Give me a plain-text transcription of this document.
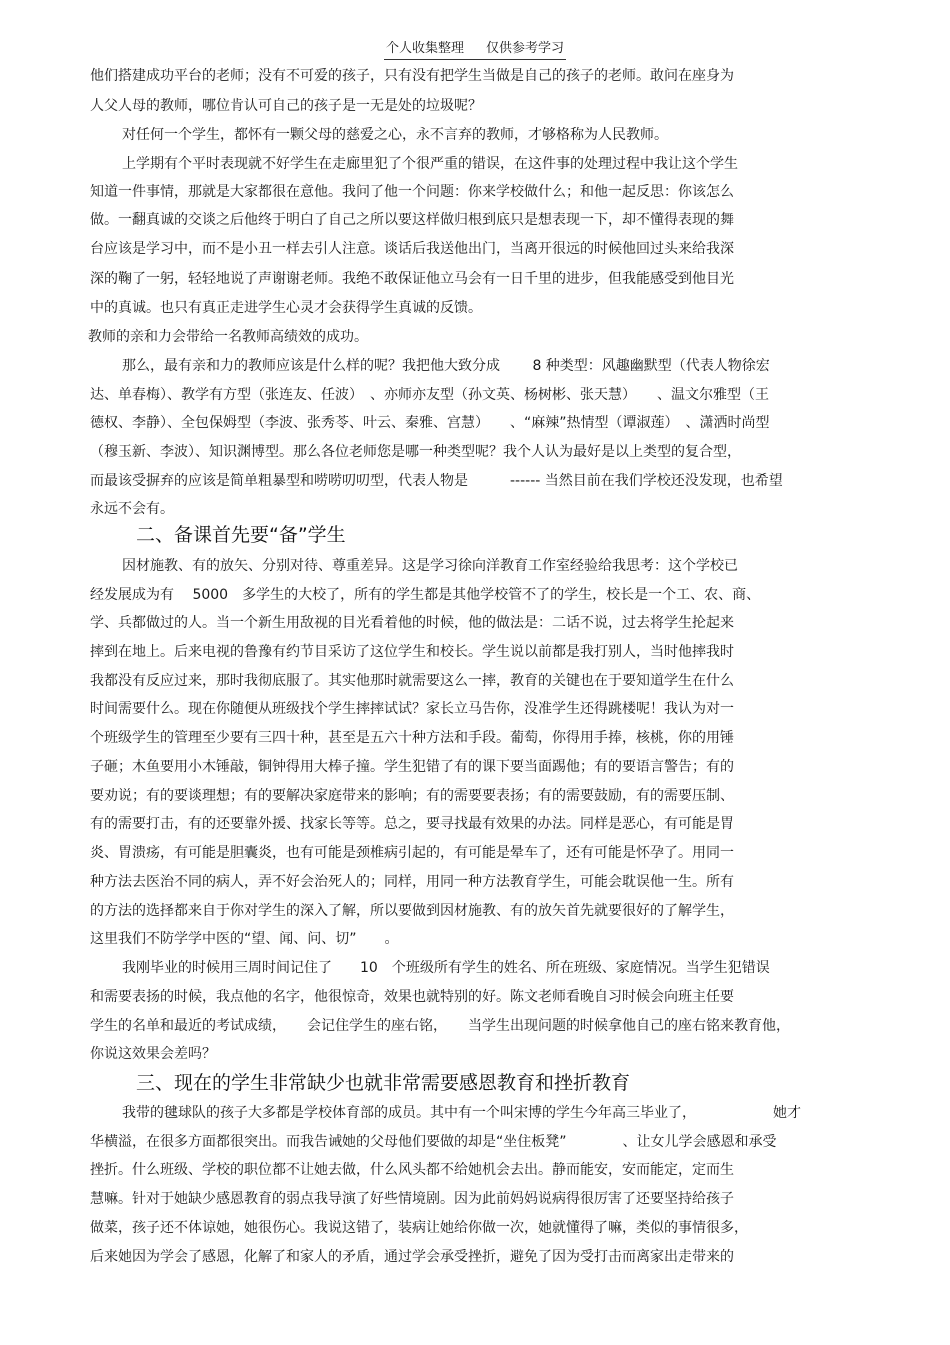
个人收集整理 仅供参考学习
他们搭建成功平台的老师；没有不可爱的孩子，只有没有把学生当做是自己的孩子的老师。敢问在座身为
人父人母的教师，哪位肯认可自己的孩子是一无是处的垃圾呢？
对任何一个学生，都怀有一颗父母的慈爱之心，永不言弃的教师，才够格称为人民教师。
上学期有个平时表现就不好学生在走廊里犯了个很严重的错误，在这件事的处理过程中我让这个学生
知道一件事情，那就是大家都很在意他。我问了他一个问题：你来学校做什么；和他一起反思：你该怎么
做。一翻真诚的交谈之后他终于明白了自己之所以要这样做归根到底只是想表现一下，却不懂得表现的舞
台应该是学习中，而不是小丑一样去引人注意。谈话后我送他出门，当离开很远的时候他回过头来给我深
深的鞠了一躬，轻轻地说了声谢谢老师。我绝不敢保证他立马会有一日千里的进步，但我能感受到他目光
中的真诚。也只有真正走进学生心灵才会获得学生真诚的反馈。
教师的亲和力会带给一名教师高绩效的成功。
那么，最有亲和力的教师应该是什么样的呢？我把他大致分成　　 8 种类型：风趣幽默型（代表人物徐宏
达、单春梅）、教学有方型（张连友、任波）　、亦师亦友型（孙文英、杨树彬、张天慧）　　、温文尔雅型（王
德权、李静）、全包保姆型（李波、张秀苓、叶云、秦雅、宫慧）　　、“麻辣”热情型（谭淑莲）　、潇洒时尚型
（穆玉新、李波）、知识渊博型。那么各位老师您是哪一种类型呢？我个人认为最好是以上类型的复合型，
而最该受摒弃的应该是简单粗暴型和唠唠叨叨型，代表人物是　　　------ 当然目前在我们学校还没发现，也希望
永远不会有。
二、备课首先要“备”学生
因材施教、有的放矢、分别对待、尊重差异。这是学习徐向洋教育工作室经验给我思考：这个学校已
经发展成为有　 5000　多学生的大校了，所有的学生都是其他学校管不了的学生，校长是一个工、农、商、
学、兵都做过的人。当一个新生用敌视的目光看着他的时候，他的做法是：二话不说，过去将学生抡起来
摔到在地上。后来电视的鲁豫有约节目采访了这位学生和校长。学生说以前都是我打别人，当时他摔我时
我都没有反应过来，那时我彻底服了。其实他那时就需要这么一摔，教育的关键也在于要知道学生在什么
时间需要什么。现在你随便从班级找个学生摔摔试试？家长立马告你，没准学生还得跳楼呢！我认为对一
个班级学生的管理至少要有三四十种，甚至是五六十种方法和手段。葡萄，你得用手捧，核桃，你的用锤
子砸；木鱼要用小木锤敲，铜钟得用大棒子撞。学生犯错了有的课下要当面踢他；有的要语言警告；有的
要劝说；有的要谈理想；有的要解决家庭带来的影响；有的需要要表扬；有的需要鼓励，有的需要压制、
有的需要打击，有的还要靠外援、找家长等等。总之，要寻找最有效果的办法。同样是恶心，有可能是胃
炎、胃溃疡，有可能是胆囊炎，也有可能是颈椎病引起的，有可能是晕车了，还有可能是怀孕了。用同一
种方法去医治不同的病人，弄不好会治死人的；同样，用同一种方法教育学生，可能会耽误他一生。所有
的方法的选择都来自于你对学生的深入了解，所以要做到因材施教、有的放矢首先就要很好的了解学生，
这里我们不防学学中医的“望、闻、问、切”　　。
我刚毕业的时候用三周时间记住了　　10　个班级所有学生的姓名、所在班级、家庭情况。当学生犯错误
和需要表扬的时候，我点他的名字，他很惊奇，效果也就特别的好。陈文老师看晚自习时候会向班主任要
学生的名单和最近的考试成绩，　　会记住学生的座右铭，　　当学生出现问题的时候拿他自己的座右铭来教育他，
你说这效果会差吗？
三、现在的学生非常缺少也就非常需要感恩教育和挫折教育
我带的毽球队的孩子大多都是学校体育部的成员。其中有一个叫宋博的学生今年高三毕业了，　　　　　　她才
华横溢，在很多方面都很突出。而我告诫她的父母他们要做的却是“坐住板凳”　　　　、让女儿学会感恩和承受
挫折。什么班级、学校的职位都不让她去做，什么风头都不给她机会去出。静而能安，安而能定，定而生
慧嘛。针对于她缺少感恩教育的弱点我导演了好些情境剧。因为此前妈妈说病得很厉害了还要坚持给孩子
做菜，孩子还不体谅她，她很伤心。我说这错了，装病让她给你做一次，她就懂得了嘛，类似的事情很多，
后来她因为学会了感恩，化解了和家人的矛盾，通过学会承受挫折，避免了因为受打击而离家出走带来的
